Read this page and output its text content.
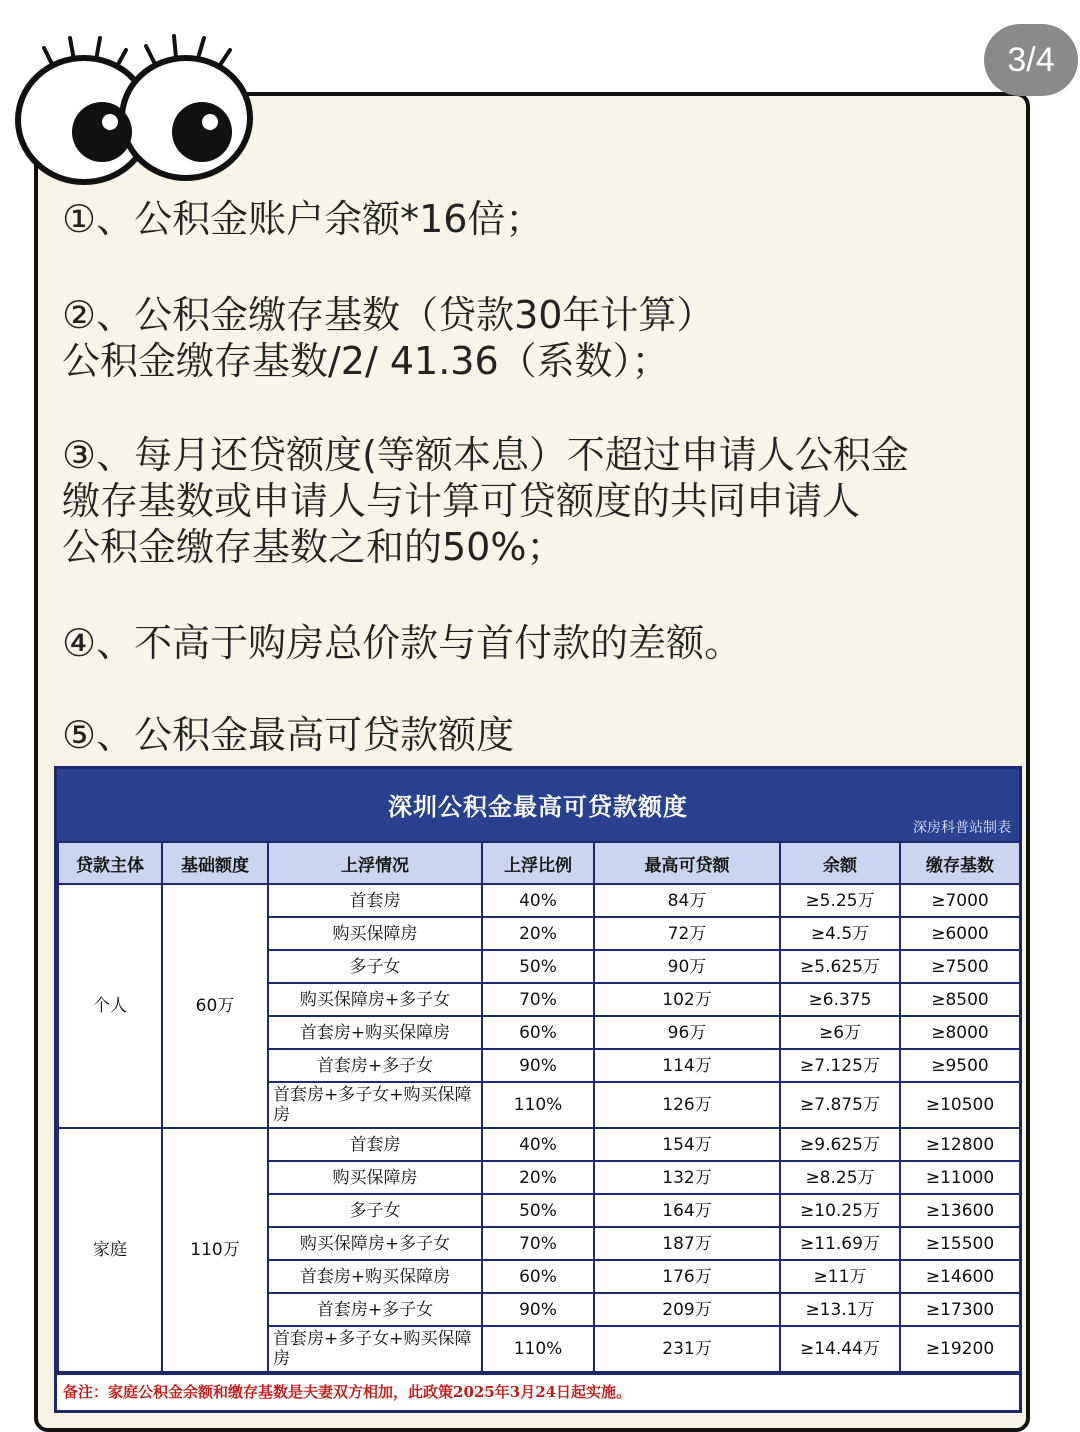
3/4
①、公积金账户余额*16倍；
②、公积金缴存基数（贷款30年计算）
公积金缴存基数/2/ 41.36（系数）；
③、每月还贷额度(等额本息）不超过申请人公积金
缴存基数或申请人与计算可贷额度的共同申请人
公积金缴存基数之和的50%；
④、不高于购房总价款与首付款的差额。
⑤、公积金最高可贷款额度
深圳公积金最高可贷款额度
深房科普站制表
贷款主体	基础额度	上浮情况	上浮比例	最高可贷额	余额	缴存基数
个人	60万	首套房	40%	84万	≥5.25万	≥7000
		购买保障房	20%	72万	≥4.5万	≥6000
		多子女	50%	90万	≥5.625万	≥7500
		购买保障房+多子女	70%	102万	≥6.375	≥8500
		首套房+购买保障房	60%	96万	≥6万	≥8000
		首套房+多子女	90%	114万	≥7.125万	≥9500
		首套房+多子女+购买保障房	110%	126万	≥7.875万	≥10500
家庭	110万	首套房	40%	154万	≥9.625万	≥12800
		购买保障房	20%	132万	≥8.25万	≥11000
		多子女	50%	164万	≥10.25万	≥13600
		购买保障房+多子女	70%	187万	≥11.69万	≥15500
		首套房+购买保障房	60%	176万	≥11万	≥14600
		首套房+多子女	90%	209万	≥13.1万	≥17300
		首套房+多子女+购买保障房	110%	231万	≥14.44万	≥19200
备注：家庭公积金余额和缴存基数是夫妻双方相加，此政策2025年3月24日起实施。
